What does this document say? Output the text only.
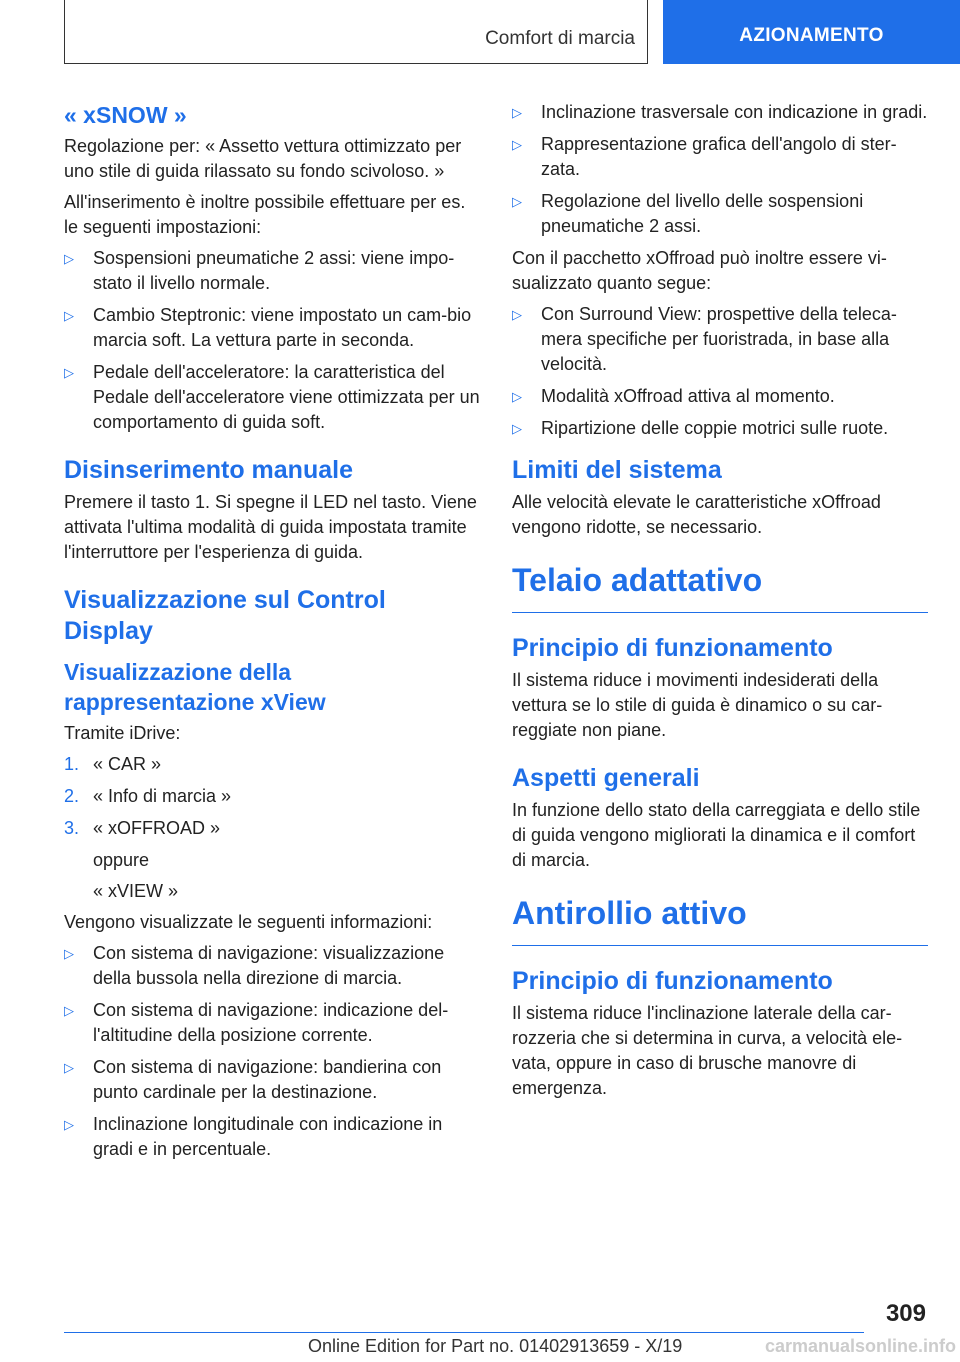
Comfort di marcia	AZIONAMENTO
« xSNOW »

Regolazione per: « Assetto vettura ottimizzato per uno stile di guida rilassato su fondo scivoloso. »

All'inserimento è inoltre possibile effettuare per es. le seguenti impostazioni:

▷ Sospensioni pneumatiche 2 assi: viene impo-stato il livello normale.
▷ Cambio Steptronic: viene impostato un cam-bio marcia soft. La vettura parte in seconda.
▷ Pedale dell'acceleratore: la caratteristica del Pedale dell'acceleratore viene ottimizzata per un comportamento di guida soft.
Disinserimento manuale

Premere il tasto 1. Si spegne il LED nel tasto. Viene attivata l'ultima modalità di guida impostata tramite l'interruttore per l'esperienza di guida.

Visualizzazione sul Control Display
Visualizzazione della rappresentazione xView

Tramite iDrive:

1. « CAR »
2. « Info di marcia »
3. « xOFFROAD »

oppure

« xVIEW »

Vengono visualizzate le seguenti informazioni:

▷ Con sistema di navigazione: visualizzazione della bussola nella direzione di marcia.
▷ Con sistema di navigazione: indicazione del-l'altitudine della posizione corrente.
▷ Con sistema di navigazione: bandierina con punto cardinale per la destinazione.
▷ Inclinazione longitudinale con indicazione in gradi e in percentuale.
▷ Inclinazione trasversale con indicazione in gradi.
▷ Rappresentazione grafica dell'angolo di ster-zata.
▷ Regolazione del livello delle sospensioni pneumatiche 2 assi.

Con il pacchetto xOffroad può inoltre essere vi-sualizzato quanto segue:

▷ Con Surround View: prospettive della teleca-mera specifiche per fuoristrada, in base alla velocità.
▷ Modalità xOffroad attiva al momento.
▷ Ripartizione delle coppie motrici sulle ruote.
Limiti del sistema

Alle velocità elevate le caratteristiche xOffroad vengono ridotte, se necessario.

Telaio adattativo
Principio di funzionamento

Il sistema riduce i movimenti indesiderati della vettura se lo stile di guida è dinamico o su car-reggiate non piane.

Aspetti generali

In funzione dello stato della carreggiata e dello stile di guida vengono migliorati la dinamica e il comfort di marcia.

Antirollio attivo
Principio di funzionamento

Il sistema riduce l'inclinazione laterale della car-rozzeria che si determina in curva, a velocità ele-vata, oppure in caso di brusche manovre di emergenza.

309
Online Edition for Part no. 01402913659 - X/19	carmanualsonline.info
